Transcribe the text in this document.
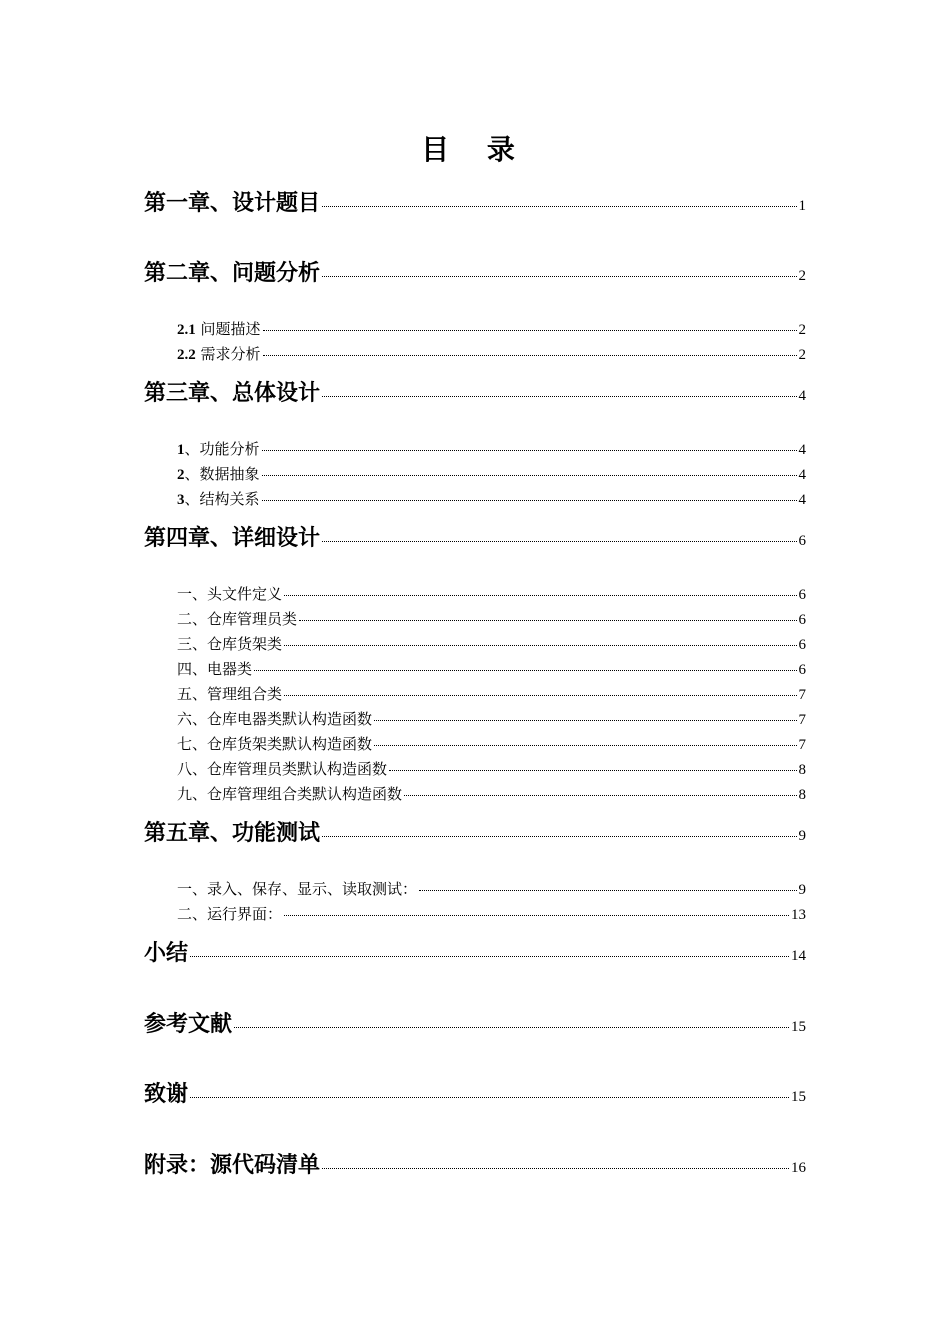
目 录
第一章、设计题目	1
第二章、问题分析	2
2.1 问题描述	2
2.2 需求分析	2
第三章、总体设计	4
1、功能分析	4
2、数据抽象	4
3、结构关系	4
第四章、详细设计	6
一、头文件定义	6
二、仓库管理员类	6
三、仓库货架类	6
四、电器类	6
五、管理组合类	7
六、仓库电器类默认构造函数	7
七、仓库货架类默认构造函数	7
八、仓库管理员类默认构造函数	8
九、仓库管理组合类默认构造函数	8
第五章、功能测试	9
一、录入、保存、显示、读取测试：	9
二、运行界面：	13
小结	14
参考文献	15
致谢	15
附录：源代码清单	16
